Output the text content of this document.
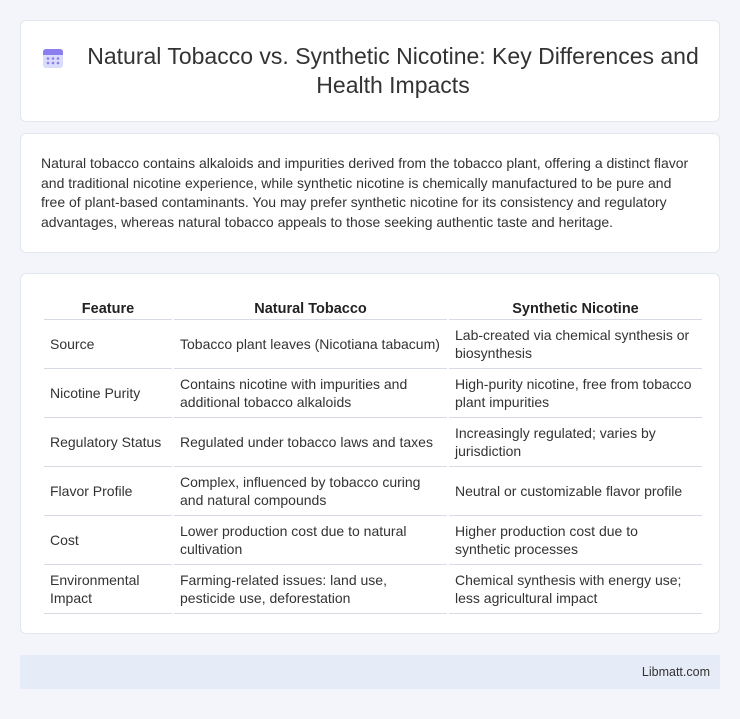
Natural Tobacco vs. Synthetic Nicotine: Key Differences and Health Impacts

Natural tobacco contains alkaloids and impurities derived from the tobacco plant, offering a distinct flavor and traditional nicotine experience, while synthetic nicotine is chemically manufactured to be pure and free of plant-based contaminants. You may prefer synthetic nicotine for its consistency and regulatory advantages, whereas natural tobacco appeals to those seeking authentic taste and heritage.

Feature	Natural Tobacco	Synthetic Nicotine
Source	Tobacco plant leaves (Nicotiana tabacum)	Lab-created via chemical synthesis or biosynthesis
Nicotine Purity	Contains nicotine with impurities and additional tobacco alkaloids	High-purity nicotine, free from tobacco plant impurities
Regulatory Status	Regulated under tobacco laws and taxes	Increasingly regulated; varies by jurisdiction
Flavor Profile	Complex, influenced by tobacco curing and natural compounds	Neutral or customizable flavor profile
Cost	Lower production cost due to natural cultivation	Higher production cost due to synthetic processes
Environmental Impact	Farming-related issues: land use, pesticide use, deforestation	Chemical synthesis with energy use; less agricultural impact
Libmatt.com
